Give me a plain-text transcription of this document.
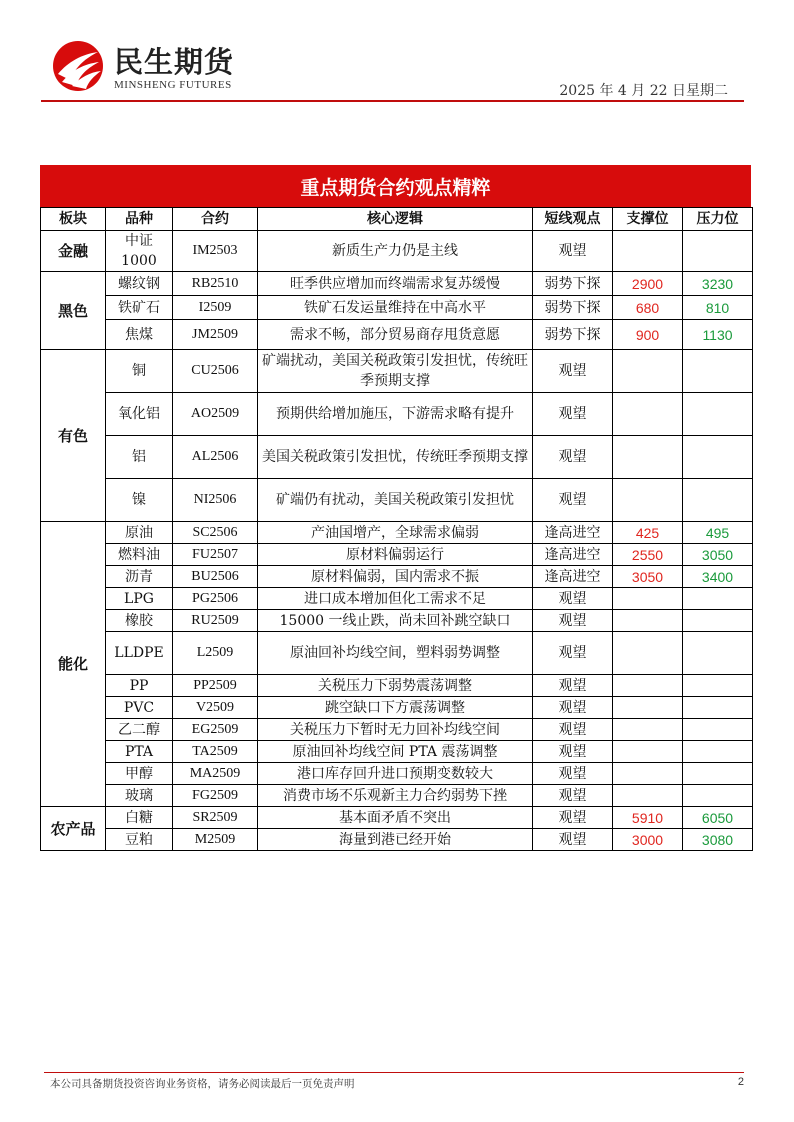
民生期货
MINSHENG FUTURES	2025 年 4 月 22 日星期二
重点期货合约观点精粹
板块	品种	合约	核心逻辑	短线观点	支撑位	压力位
金融	中证1000	IM2503	新质生产力仍是主线	观望		
黑色	螺纹钢	RB2510	旺季供应增加而终端需求复苏缓慢	弱势下探	2900	3230
	铁矿石	I2509	铁矿石发运量维持在中高水平	弱势下探	680	810
	焦煤	JM2509	需求不畅，部分贸易商存甩货意愿	弱势下探	900	1130
有色	铜	CU2506	矿端扰动，美国关税政策引发担忧，传统旺季预期支撑	观望		
	氧化铝	AO2509	预期供给增加施压，下游需求略有提升	观望		
	铝	AL2506	美国关税政策引发担忧，传统旺季预期支撑	观望		
	镍	NI2506	矿端仍有扰动，美国关税政策引发担忧	观望		
能化	原油	SC2506	产油国增产，全球需求偏弱	逢高进空	425	495
	燃料油	FU2507	原材料偏弱运行	逢高进空	2550	3050
	沥青	BU2506	原材料偏弱，国内需求不振	逢高进空	3050	3400
	LPG	PG2506	进口成本增加但化工需求不足	观望		
	橡胶	RU2509	15000 一线止跌，尚未回补跳空缺口	观望		
	LLDPE	L2509	原油回补均线空间，塑料弱势调整	观望		
	PP	PP2509	关税压力下弱势震荡调整	观望		
	PVC	V2509	跳空缺口下方震荡调整	观望		
	乙二醇	EG2509	关税压力下暂时无力回补均线空间	观望		
	PTA	TA2509	原油回补均线空间 PTA 震荡调整	观望		
	甲醇	MA2509	港口库存回升进口预期变数较大	观望		
	玻璃	FG2509	消费市场不乐观新主力合约弱势下挫	观望		
农产品	白糖	SR2509	基本面矛盾不突出	观望	5910	6050
	豆粕	M2509	海量到港已经开始	观望	3000	3080
本公司具备期货投资咨询业务资格，请务必阅读最后一页免责声明	2
